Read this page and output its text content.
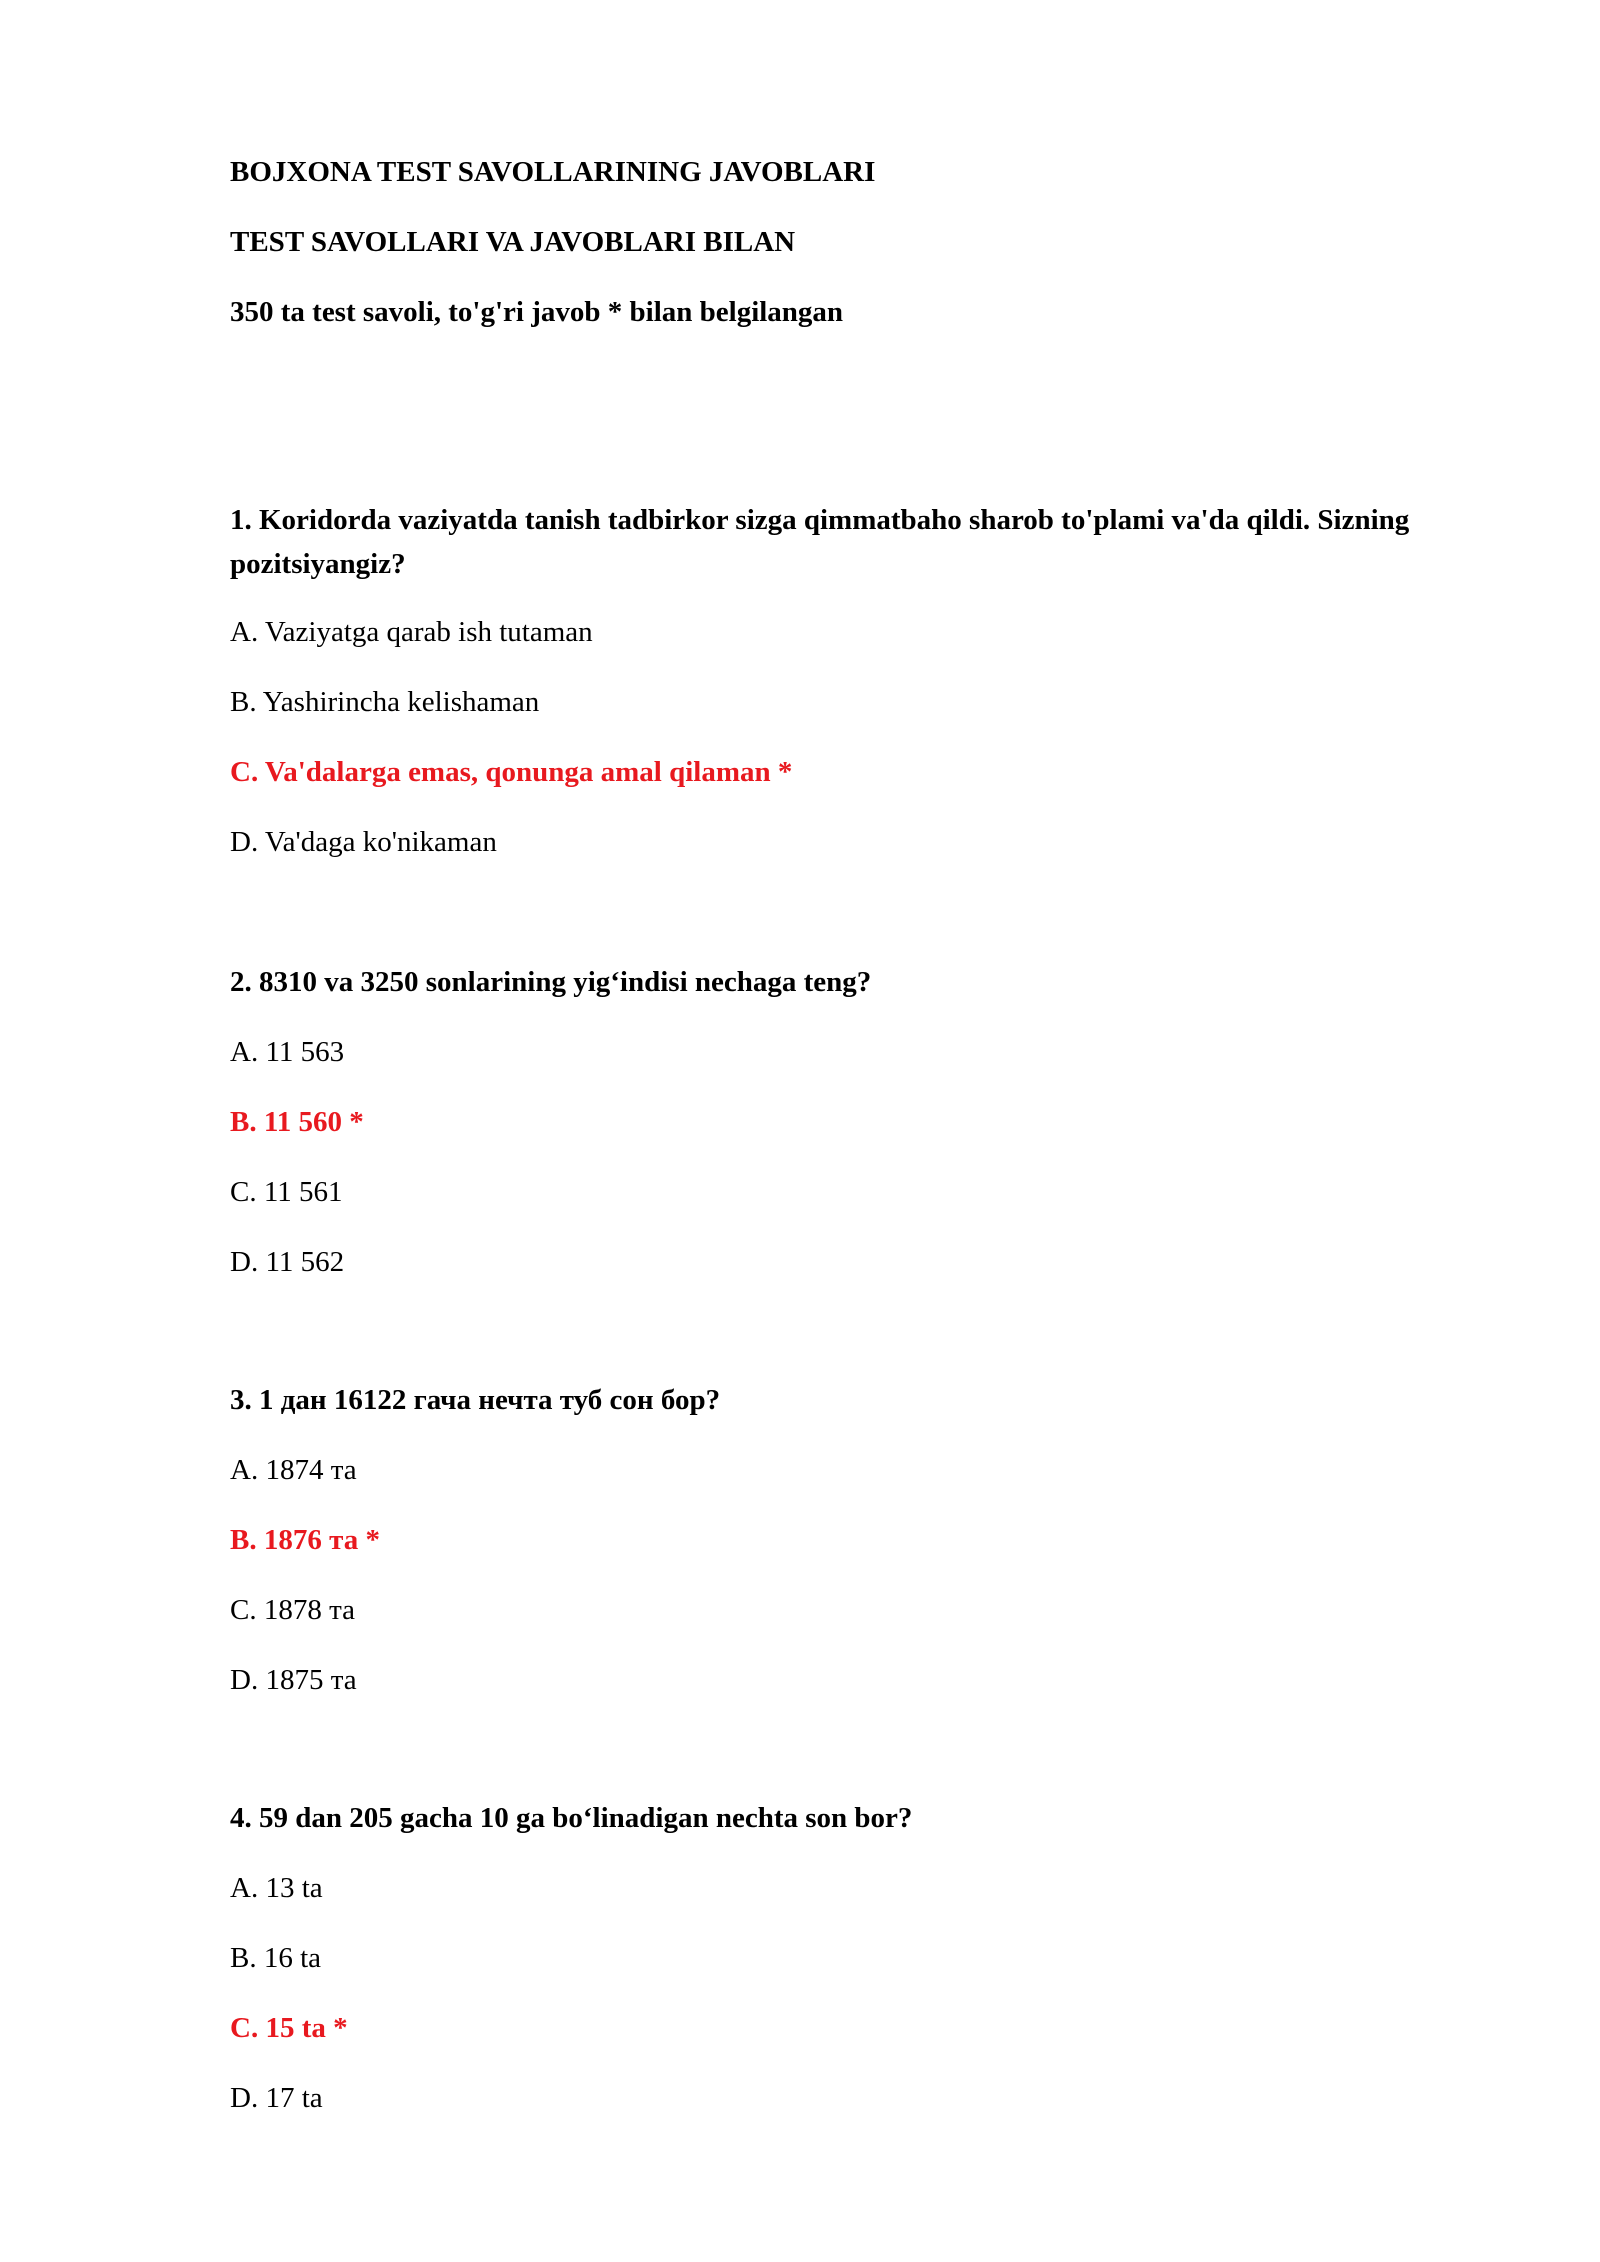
BOJXONA TEST SAVOLLARINING JAVOBLARI
TEST SAVOLLARI VA JAVOBLARI BILAN
350 ta test savoli, to'g'ri javob * bilan belgilangan

1. Koridorda vaziyatda tanish tadbirkor sizga qimmatbaho sharob to'plami va'da qildi. Sizning pozitsiyangiz?

A. Vaziyatga qarab ish tutaman

B. Yashirincha kelishaman

C. Va'dalarga emas, qonunga amal qilaman *

D. Va'daga ko'nikaman

2. 8310 va 3250 sonlarining yig‘indisi nechaga teng?

A. 11 563

B. 11 560 *

C. 11 561

D. 11 562

3. 1 дан 16122 гача нечта туб сон бор?

A. 1874 та

B. 1876 та *

C. 1878 та

D. 1875 та

4. 59 dan 205 gacha 10 ga bo‘linadigan nechta son bor?

A. 13 ta

B. 16 ta

C. 15 ta *

D. 17 ta
